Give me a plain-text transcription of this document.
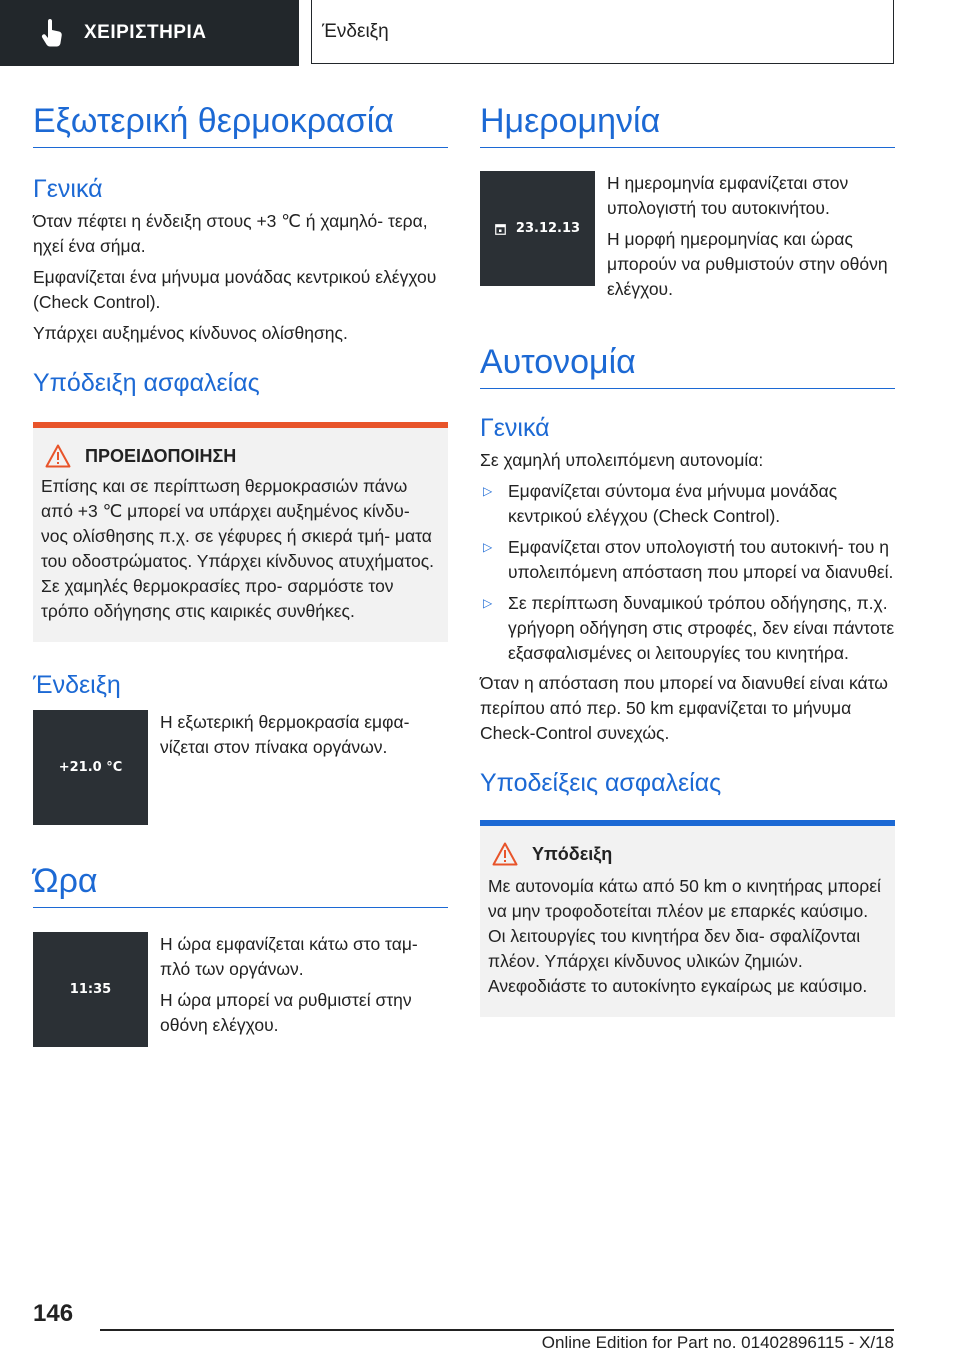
ΧΕΙΡΙΣΤΗΡΙΑ	Ένδειξη
Εξωτερική θερμοκρασία
Γενικά

Όταν πέφτει η ένδειξη στους +3 ℃ ή χαμηλό‐ τερα, ηχεί ένα σήμα.

Εμφανίζεται ένα μήνυμα μονάδας κεντρικού ελέγχου (Check Control).

Υπάρχει αυξημένος κίνδυνος ολίσθησης.

Υπόδειξη ασφαλείας
ΠΡΟΕΙΔΟΠΟΙΗΣΗ

Επίσης και σε περίπτωση θερμοκρασιών πάνω από +3 ℃ μπορεί να υπάρχει αυξημένος κίνδυ‐ νος ολίσθησης π.χ. σε γέφυρες ή σκιερά τμή‐ ματα του οδοστρώματος. Υπάρχει κίνδυνος ατυχήματος. Σε χαμηλές θερμοκρασίες προ‐ σαρμόστε τον τρόπο οδήγησης στις καιρικές συνθήκες.

Ένδειξη
+21.0 °C

Η εξωτερική θερμοκρασία εμφα‐ νίζεται στον πίνακα οργάνων.

Ώρα
11:35

Η ώρα εμφανίζεται κάτω στο ταμ‐ πλό των οργάνων.

Η ώρα μπορεί να ρυθμιστεί στην οθόνη ελέγχου.

Ημερομηνία
23.12.13

Η ημερομηνία εμφανίζεται στον υπολογιστή του αυτοκινήτου.

Η μορφή ημερομηνίας και ώρας μπορούν να ρυθμιστούν στην οθόνη ελέγχου.

Αυτονομία
Γενικά

Σε χαμηλή υπολειπόμενη αυτονομία:

▷ Εμφανίζεται σύντομα ένα μήνυμα μονάδας κεντρικού ελέγχου (Check Control).
▷ Εμφανίζεται στον υπολογιστή του αυτοκινή‐ του η υπολειπόμενη απόσταση που μπορεί να διανυθεί.
▷ Σε περίπτωση δυναμικού τρόπου οδήγησης, π.χ. γρήγορη οδήγηση στις στροφές, δεν είναι πάντοτε εξασφαλισμένες οι λειτουργίες του κινητήρα.

Όταν η απόσταση που μπορεί να διανυθεί είναι κάτω περίπου από περ. 50 km εμφανίζεται το μήνυμα Check-Control συνεχώς.

Υποδείξεις ασφαλείας
Υπόδειξη

Με αυτονομία κάτω από 50 km ο κινητήρας μπορεί να μην τροφοδοτείται πλέον με επαρκές καύσιμο. Οι λειτουργίες του κινητήρα δεν δια‐ σφαλίζονται πλέον. Υπάρχει κίνδυνος υλικών ζημιών. Ανεφοδιάστε το αυτοκίνητο εγκαίρως με καύσιμο.

146
Online Edition for Part no. 01402896115 - X/18
